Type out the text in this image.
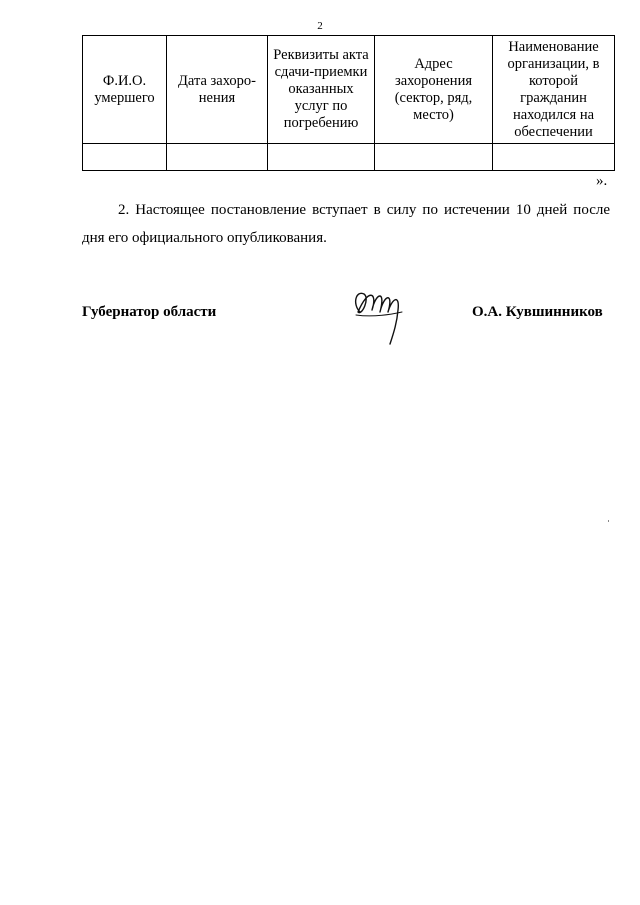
2
Ф.И.О. умершего	Дата захоро-нения	Реквизиты акта сдачи-приемки оказанных услуг по погребению	Адрес захоронения (сектор, ряд, место)	Наименование организации, в которой гражданин находился на обеспечении

».

2. Настоящее постановление вступает в силу по истечении 10 дней после дня его официального опубликования.

Губернатор области	О.А. Кувшинников
